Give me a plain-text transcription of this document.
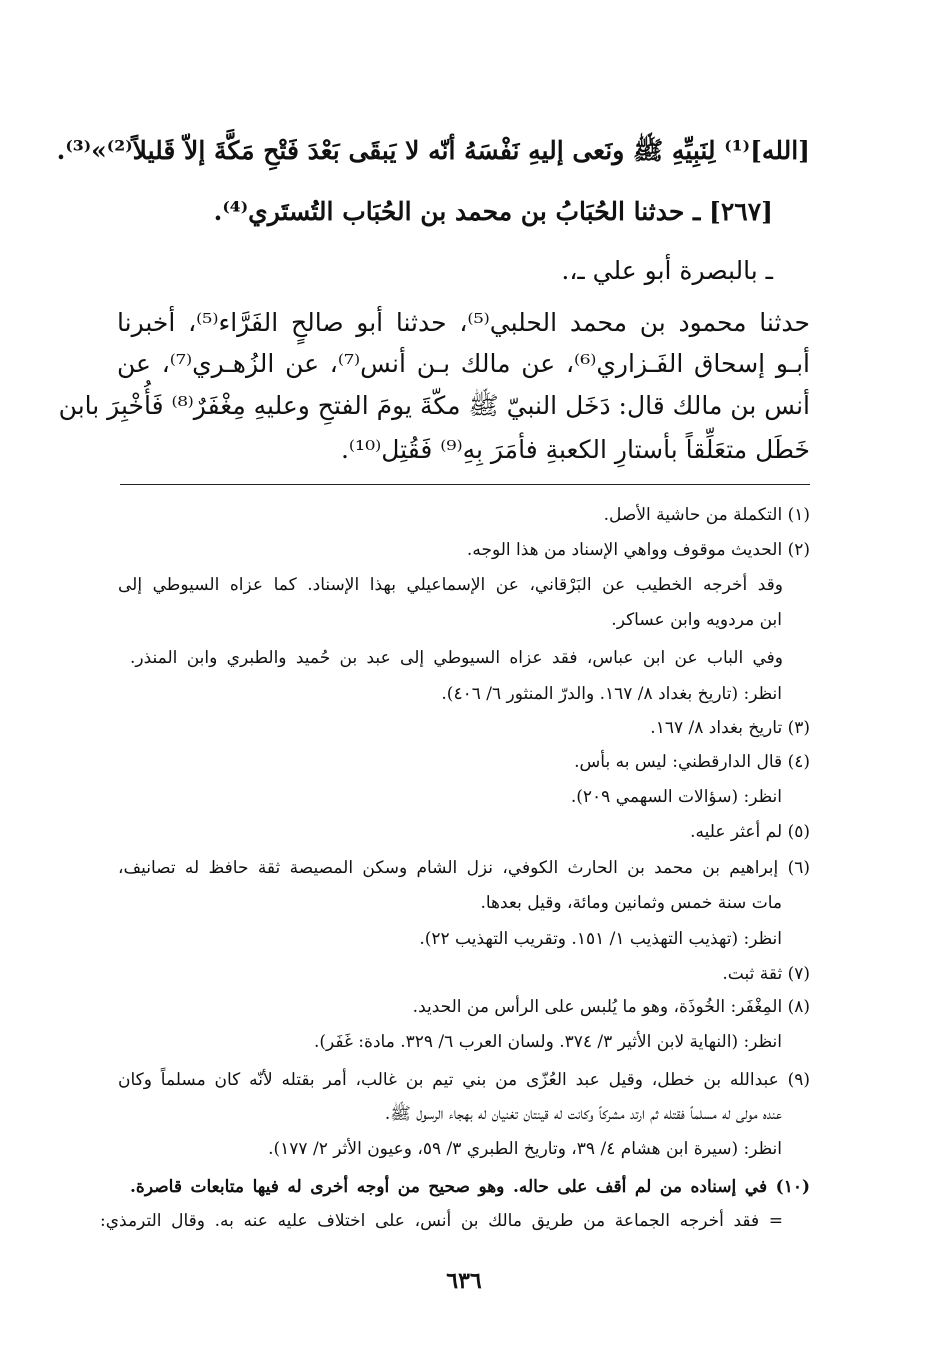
[الله]⁽¹⁾ لِنَبِيِّهِ ﷺ ونَعى إليهِ نَفْسَهُ أنّه لا يَبقَى بَعْدَ فَتْحِ مَكَّةَ إلاّ قَليلاً⁽²⁾»⁽³⁾.
[٢٦٧] ـ حدثنا الحُبَابُ بن محمد بن الحُبَاب التُستَري⁽⁴⁾.
ـ بالبصرة أبو علي ـ،.
حدثنا محمود بن محمد الحلبي⁽⁵⁾، حدثنا أبو صالحٍ الفَرَّاء⁽⁵⁾، أخبرنا
أبـو إسحاق الفَـزاري⁽⁶⁾، عن مالك بـن أنس⁽⁷⁾، عن الزُهـري⁽⁷⁾، عن
أنس بن مالك قال: دَخَل النبيّ ﷺ مكّةَ يومَ الفتحِ وعليهِ مِغْفَرٌ⁽⁸⁾ فَأُخْبِرَ بابن
خَطَل متعَلِّقاً بأستارِ الكعبةِ فأمَرَ بِهِ⁽⁹⁾ فَقُتِل⁽¹⁰⁾.
(١) التكملة من حاشية الأصل.
(٢) الحديث موقوف وواهي الإسناد من هذا الوجه.
وقد أخرجه الخطيب عن البَرْقاني، عن الإسماعيلي بهذا الإسناد. كما عزاه السيوطي إلى
ابن مردويه وابن عساكر.
وفي الباب عن ابن عباس، فقد عزاه السيوطي إلى عبد بن حُميد والطبري وابن المنذر.
انظر: (تاريخ بغداد ٨/ ١٦٧. والدرّ المنثور ٦/ ٤٠٦).
(٣) تاريخ بغداد ٨/ ١٦٧.
(٤) قال الدارقطني: ليس به بأس.
انظر: (سؤالات السهمي ٢٠٩).
(٥) لم أعثر عليه.
(٦) إبراهيم بن محمد بن الحارث الكوفي، نزل الشام وسكن المصيصة ثقة حافظ له تصانيف،
مات سنة خمس وثمانين ومائة، وقيل بعدها.
انظر: (تهذيب التهذيب ١/ ١٥١. وتقريب التهذيب ٢٢).
(٧) ثقة ثبت.
(٨) المِغْفَر: الخُوذَة، وهو ما يُلبس على الرأس من الحديد.
انظر: (النهاية لابن الأثير ٣/ ٣٧٤. ولسان العرب ٦/ ٣٢٩. مادة: غَفَر).
(٩) عبدالله بن خطل، وقيل عبد العُزّى من بني تيم بن غالب، أمر بقتله لأنّه كان مسلماً وكان
عنده مولى له مسلماً فقتله ثم ارتد مشركاً وكانت له قينتان تغنيان له بهجاء الرسول ﷺ.
انظر: (سيرة ابن هشام ٤/ ٣٩، وتاريخ الطبري ٣/ ٥٩، وعيون الأثر ٢/ ١٧٧).
(١٠) في إسناده من لم أقف على حاله. وهو صحيح من أوجه أخرى له فيها متابعات قاصرة.
= فقد أخرجه الجماعة من طريق مالك بن أنس، على اختلاف عليه عنه به. وقال الترمذي:
٦٣٦
